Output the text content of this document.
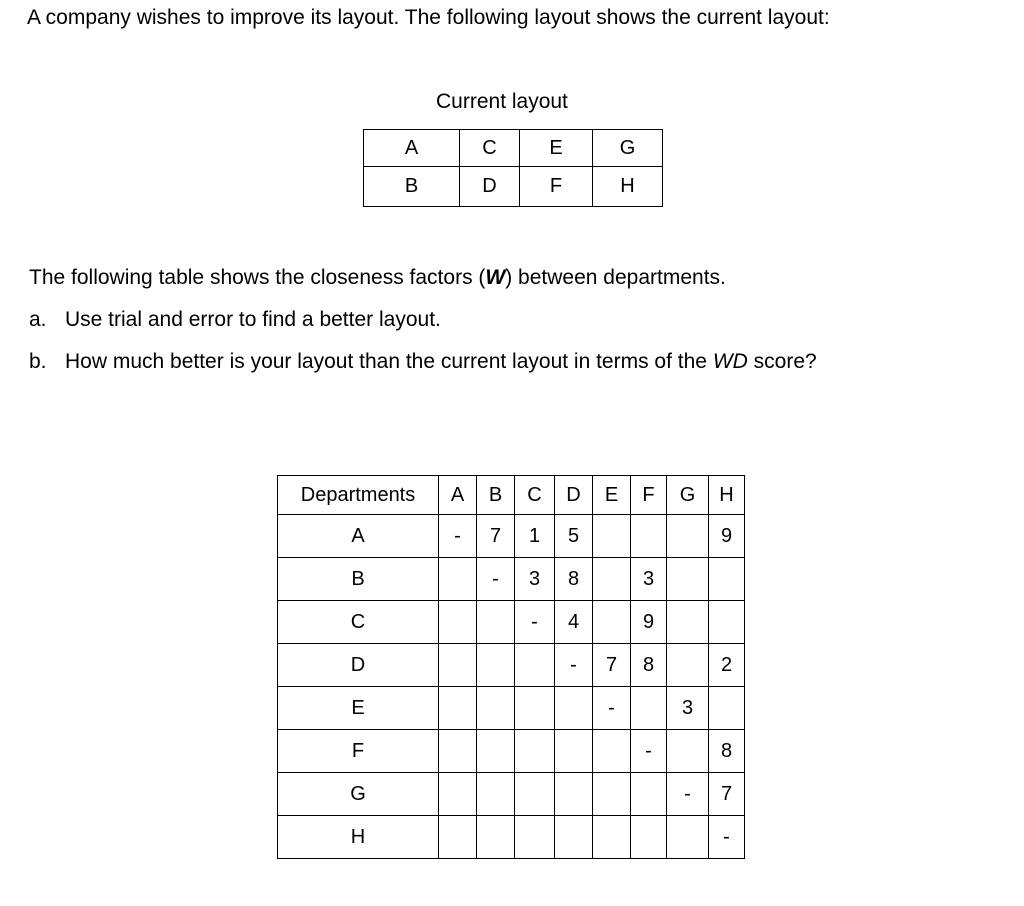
A company wishes to improve its layout. The following layout shows the current layout:
Current layout
A	C	E	G
B	D	F	H
The following table shows the closeness factors (W) between departments.
a. Use trial and error to find a better layout.
b. How much better is your layout than the current layout in terms of the WD score?
Departments	A	B	C	D	E	F	G	H
A	-	7	1	5				9
B		-	3	8		3		
C			-	4		9		
D				-	7	8		2
E					-		3	
F						-		8
G							-	7
H								-
